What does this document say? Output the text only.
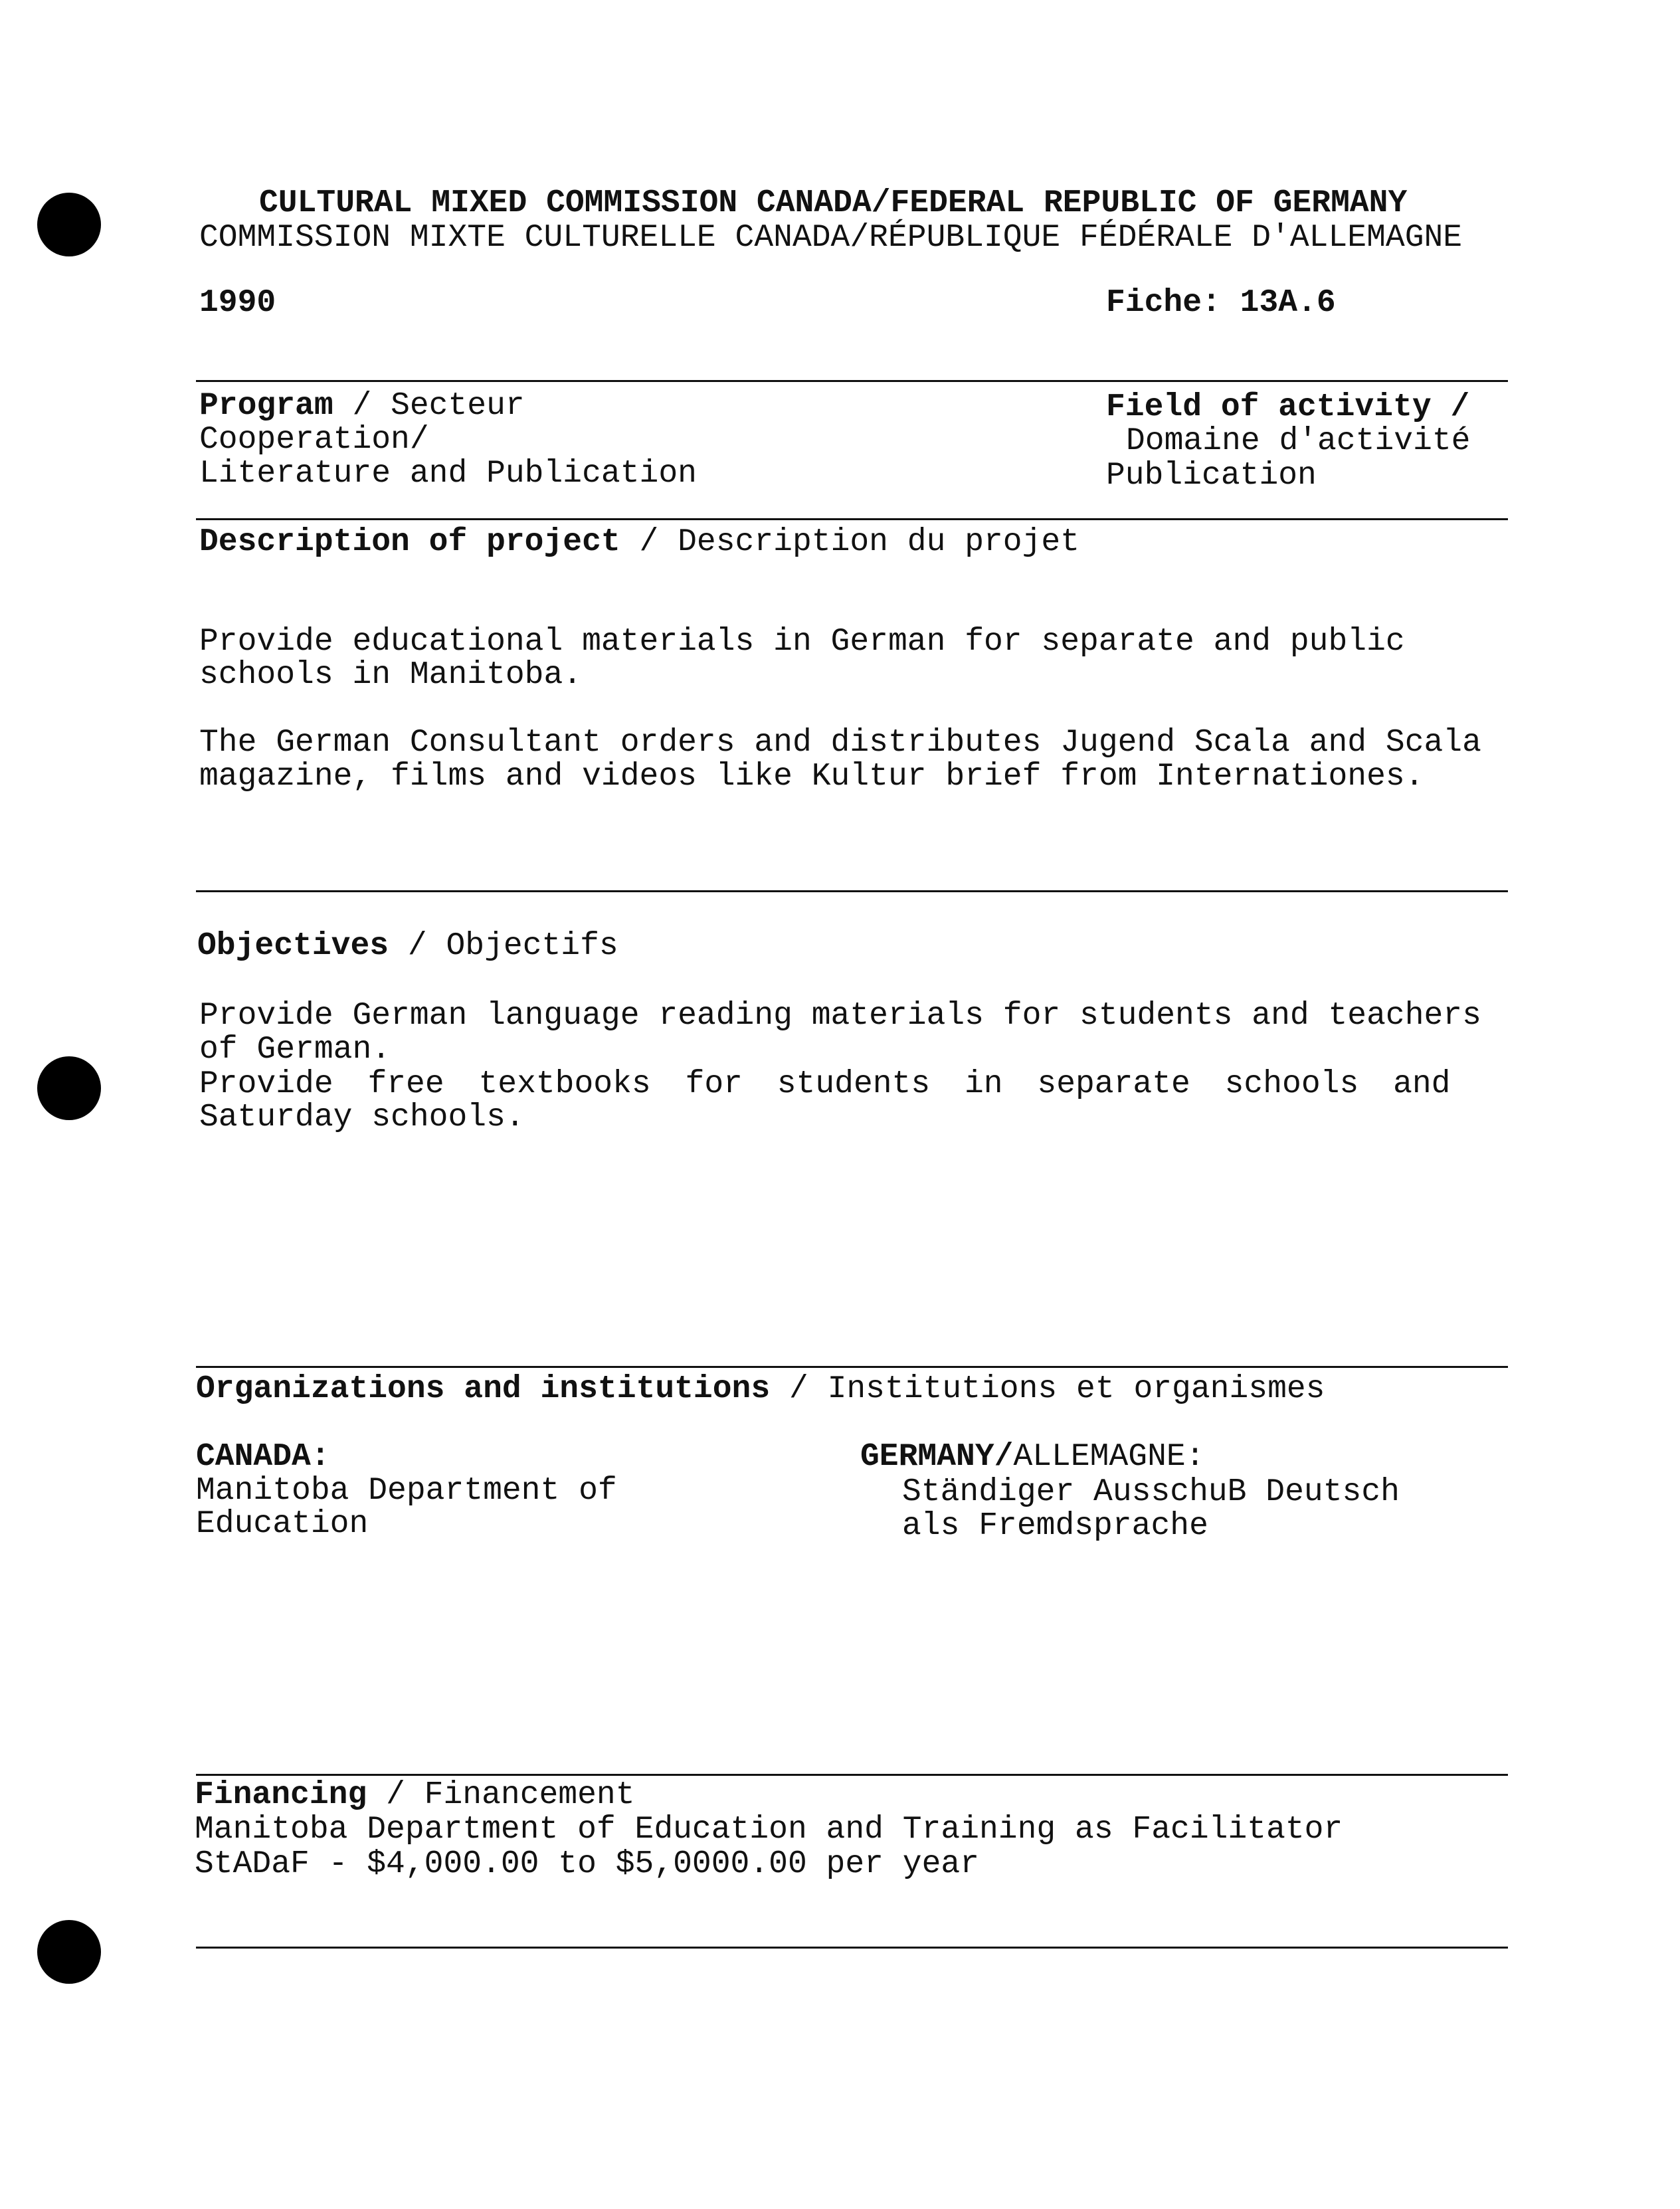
CULTURAL MIXED COMMISSION CANADA/FEDERAL REPUBLIC OF GERMANY
COMMISSION MIXTE CULTURELLE CANADA/RÉPUBLIQUE FÉDÉRALE D'ALLEMAGNE
1990	Fiche: 13A.6
Program / Secteur
Cooperation/
Literature and Publication
Field of activity /
Domaine d'activité
Publication
Description of project / Description du projet
Provide educational materials in German for separate and public
schools in Manitoba.
The German Consultant orders and distributes Jugend Scala and Scala
magazine, films and videos like Kultur brief from Internationes.
Objectives / Objectifs
Provide German language reading materials for students and teachers
of German.
Provide free textbooks for students in separate schools and
Saturday schools.
Organizations and institutions / Institutions et organismes
CANADA:
Manitoba Department of
Education
GERMANY/ALLEMAGNE:
Ständiger AusschuB Deutsch
als Fremdsprache
Financing / Financement
Manitoba Department of Education and Training as Facilitator
StADaF - $4,000.00 to $5,0000.00 per year
